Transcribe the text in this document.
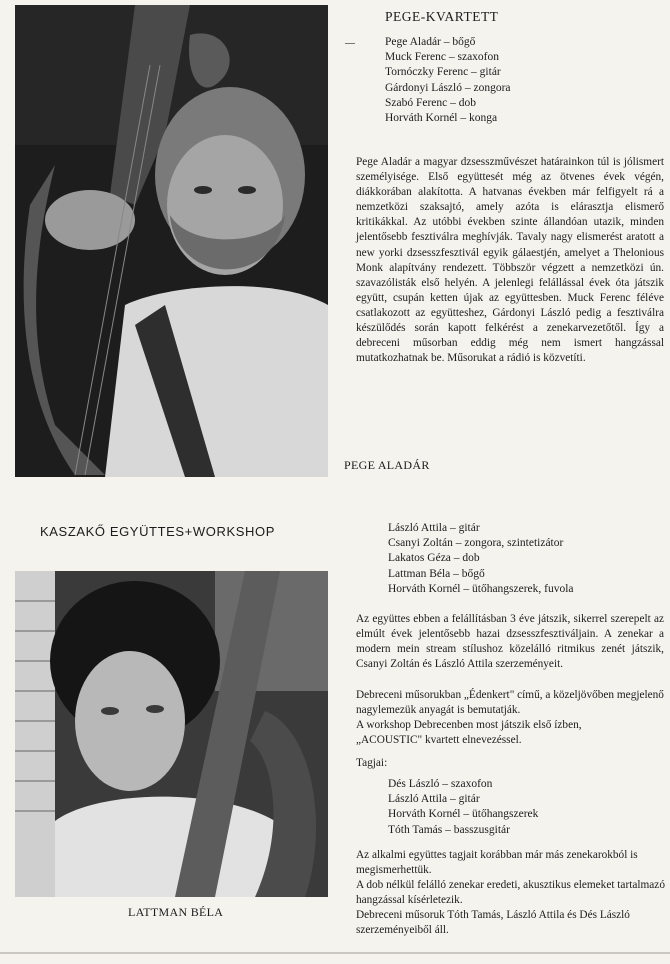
PEGE-KVARTETT
Pege Aladár – bőgő
Muck Ferenc – szaxofon
Tornóczky Ferenc – gitár
Gárdonyi László – zongora
Szabó Ferenc – dob
Horváth Kornél – konga

Pege Aladár a magyar dzsesszművészet határainkon túl is jólismert személyisége. Első együttesét még az ötvenes évek végén, diákkorában alakította. A hatvanas években már felfigyelt rá a nemzetközi szaksajtó, amely azóta is elárasztja elismerő kritikákkal. Az utóbbi években szinte állandóan utazik, minden jelentősebb fesztiválra meghívják. Tavaly nagy elismerést aratott a new yorki dzsesszfesztivál egyik gálaestjén, amelyet a Thelonious Monk alapítvány rendezett. Többször végzett a nemzetközi ún. szavazólisták első helyén. A jelenlegi felállással évek óta játszik együtt, csupán ketten újak az együttesben. Muck Ferenc féléve csatlakozott az együtteshez, Gárdonyi László pedig a fesztiválra készülődés során kapott felkérést a zenekarvezetőtől. Így a debreceni műsorban eddig még nem ismert hangzással mutatkozhatnak be. Műsorukat a rádió is közvetíti.

PEGE ALADÁR
KASZAKŐ EGYÜTTES+WORKSHOP
LATTMAN BÉLA
László Attila – gitár
Csanyi Zoltán – zongora, szintetizátor
Lakatos Géza – dob
Lattman Béla – bőgő
Horváth Kornél – ütőhangszerek, fuvola

Az együttes ebben a felállításban 3 éve játszik, sikerrel szerepelt az elmúlt évek jelentősebb hazai dzsesszfesztiváljain. A zenekar a modern mein stream stílushoz közelálló ritmikus zenét játszik, Csanyi Zoltán és László Attila szerzeményeit.

Debreceni műsorukban „Édenkert" című, a közeljövőben megjelenő nagylemezük anyagát is bemutatják.

A workshop Debrecenben most játszik első ízben, „ACOUSTIC" kvartett elnevezéssel.

Tagjai:
Dés László – szaxofon
László Attila – gitár
Horváth Kornél – ütőhangszerek
Tóth Tamás – basszusgitár

Az alkalmi együttes tagjait korábban már más zenekarokból is megismerhettük.

A dob nélkül felálló zenekar eredeti, akusztikus elemeket tartalmazó hangzással kísérletezik.

Debreceni műsoruk Tóth Tamás, László Attila és Dés László szerzeményeiből áll.
